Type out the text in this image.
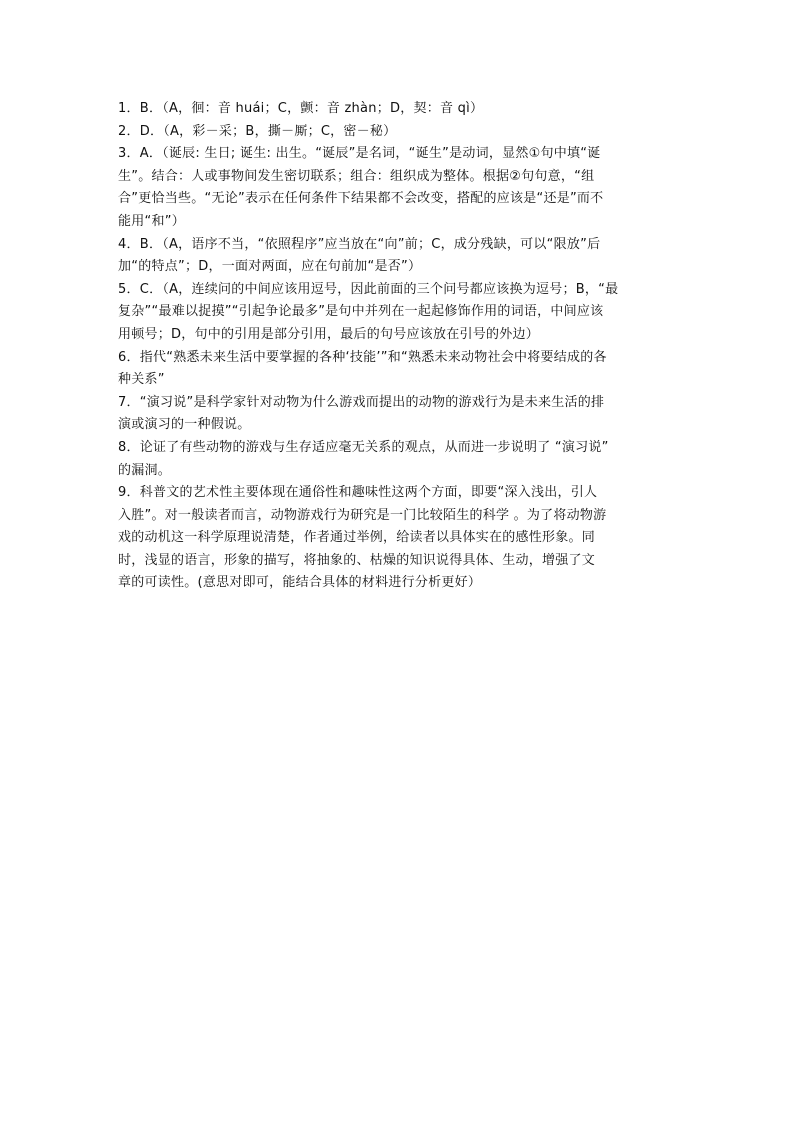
1．B．（A，徊：音 huái；C，颤：音 zhàn；D，契：音 qì）
2．D．（A，彩－采；B，撕－厮；C，密－秘）
3．A．（诞辰: 生日; 诞生: 出生。“诞辰”是名词，“诞生”是动词，显然①句中填“诞
生”。结合：人或事物间发生密切联系；组合：组织成为整体。根据②句句意，“组
合”更恰当些。“无论”表示在任何条件下结果都不会改变，搭配的应该是“还是”而不
能用“和”）
4．B．（A，语序不当，“依照程序”应当放在“向”前；C，成分残缺，可以“限放”后
加“的特点”；D，一面对两面，应在句前加“是否”）
5．C．（A，连续问的中间应该用逗号，因此前面的三个问号都应该换为逗号；B，“最
复杂”“最难以捉摸”“引起争论最多”是句中并列在一起起修饰作用的词语，中间应该
用顿号；D，句中的引用是部分引用，最后的句号应该放在引号的外边）
6．指代“熟悉未来生活中要掌握的各种‘技能’”和“熟悉未来动物社会中将要结成的各
种关系”
7．“演习说”是科学家针对动物为什么游戏而提出的动物的游戏行为是未来生活的排
演或演习的一种假说。
8．论证了有些动物的游戏与生存适应毫无关系的观点，从而进一步说明了 “演习说”
的漏洞。
9．科普文的艺术性主要体现在通俗性和趣味性这两个方面，即要“深入浅出，引人
入胜”。对一般读者而言，动物游戏行为研究是一门比较陌生的科学 。为了将动物游
戏的动机这一科学原理说清楚，作者通过举例，给读者以具体实在的感性形象。同
时，浅显的语言，形象的描写，将抽象的、枯燥的知识说得具体、生动，增强了文
章的可读性。(意思对即可，能结合具体的材料进行分析更好）
